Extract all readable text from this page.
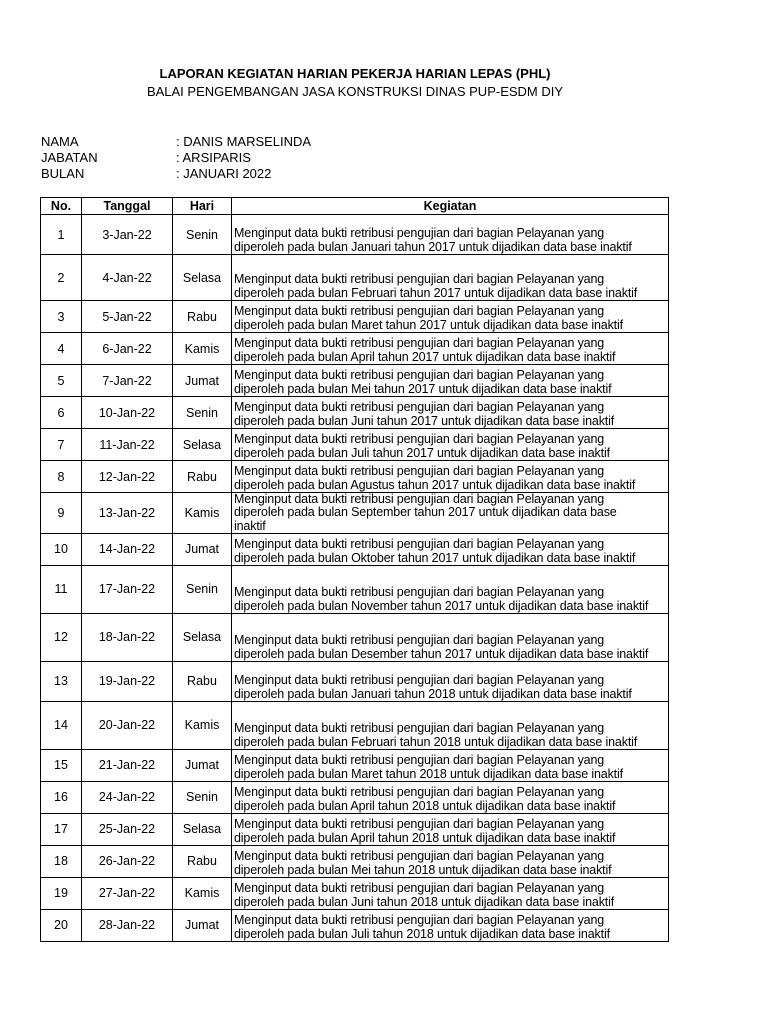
LAPORAN KEGIATAN HARIAN PEKERJA HARIAN LEPAS (PHL)
BALAI PENGEMBANGAN JASA KONSTRUKSI DINAS PUP-ESDM DIY
NAMA	: DANIS MARSELINDA
JABATAN	: ARSIPARIS
BULAN	: JANUARI 2022
No.	Tanggal	Hari	Kegiatan
1	3-Jan-22	Senin	Menginput data bukti retribusi pengujian dari bagian Pelayanan yang
diperoleh pada bulan Januari tahun 2017 untuk dijadikan data base inaktif

2	4-Jan-22	Selasa	Menginput data bukti retribusi pengujian dari bagian Pelayanan yang
diperoleh pada bulan Februari tahun 2017 untuk dijadikan data base inaktif

3	5-Jan-22	Rabu	Menginput data bukti retribusi pengujian dari bagian Pelayanan yang
diperoleh pada bulan Maret tahun 2017 untuk dijadikan data base inaktif

4	6-Jan-22	Kamis	Menginput data bukti retribusi pengujian dari bagian Pelayanan yang
diperoleh pada bulan April tahun 2017 untuk dijadikan data base inaktif

5	7-Jan-22	Jumat	Menginput data bukti retribusi pengujian dari bagian Pelayanan yang
diperoleh pada bulan Mei tahun 2017 untuk dijadikan data base inaktif

6	10-Jan-22	Senin	Menginput data bukti retribusi pengujian dari bagian Pelayanan yang
diperoleh pada bulan Juni tahun 2017 untuk dijadikan data base inaktif

7	11-Jan-22	Selasa	Menginput data bukti retribusi pengujian dari bagian Pelayanan yang
diperoleh pada bulan Juli tahun 2017 untuk dijadikan data base inaktif

8	12-Jan-22	Rabu	Menginput data bukti retribusi pengujian dari bagian Pelayanan yang
diperoleh pada bulan Agustus tahun 2017 untuk dijadikan data base inaktif

9	13-Jan-22	Kamis	Menginput data bukti retribusi pengujian dari bagian Pelayanan yang
diperoleh pada bulan September tahun 2017 untuk dijadikan data base
inaktif

10	14-Jan-22	Jumat	Menginput data bukti retribusi pengujian dari bagian Pelayanan yang
diperoleh pada bulan Oktober tahun 2017 untuk dijadikan data base inaktif

11	17-Jan-22	Senin	Menginput data bukti retribusi pengujian dari bagian Pelayanan yang
diperoleh pada bulan November tahun 2017 untuk dijadikan data base inaktif

12	18-Jan-22	Selasa	Menginput data bukti retribusi pengujian dari bagian Pelayanan yang
diperoleh pada bulan Desember tahun 2017 untuk dijadikan data base inaktif

13	19-Jan-22	Rabu	Menginput data bukti retribusi pengujian dari bagian Pelayanan yang
diperoleh pada bulan Januari tahun 2018 untuk dijadikan data base inaktif

14	20-Jan-22	Kamis	Menginput data bukti retribusi pengujian dari bagian Pelayanan yang
diperoleh pada bulan Februari tahun 2018 untuk dijadikan data base inaktif

15	21-Jan-22	Jumat	Menginput data bukti retribusi pengujian dari bagian Pelayanan yang
diperoleh pada bulan Maret tahun 2018 untuk dijadikan data base inaktif

16	24-Jan-22	Senin	Menginput data bukti retribusi pengujian dari bagian Pelayanan yang
diperoleh pada bulan April tahun 2018 untuk dijadikan data base inaktif

17	25-Jan-22	Selasa	Menginput data bukti retribusi pengujian dari bagian Pelayanan yang
diperoleh pada bulan April tahun 2018 untuk dijadikan data base inaktif

18	26-Jan-22	Rabu	Menginput data bukti retribusi pengujian dari bagian Pelayanan yang
diperoleh pada bulan Mei tahun 2018 untuk dijadikan data base inaktif

19	27-Jan-22	Kamis	Menginput data bukti retribusi pengujian dari bagian Pelayanan yang
diperoleh pada bulan Juni tahun 2018 untuk dijadikan data base inaktif

20	28-Jan-22	Jumat	Menginput data bukti retribusi pengujian dari bagian Pelayanan yang
diperoleh pada bulan Juli tahun 2018 untuk dijadikan data base inaktif
